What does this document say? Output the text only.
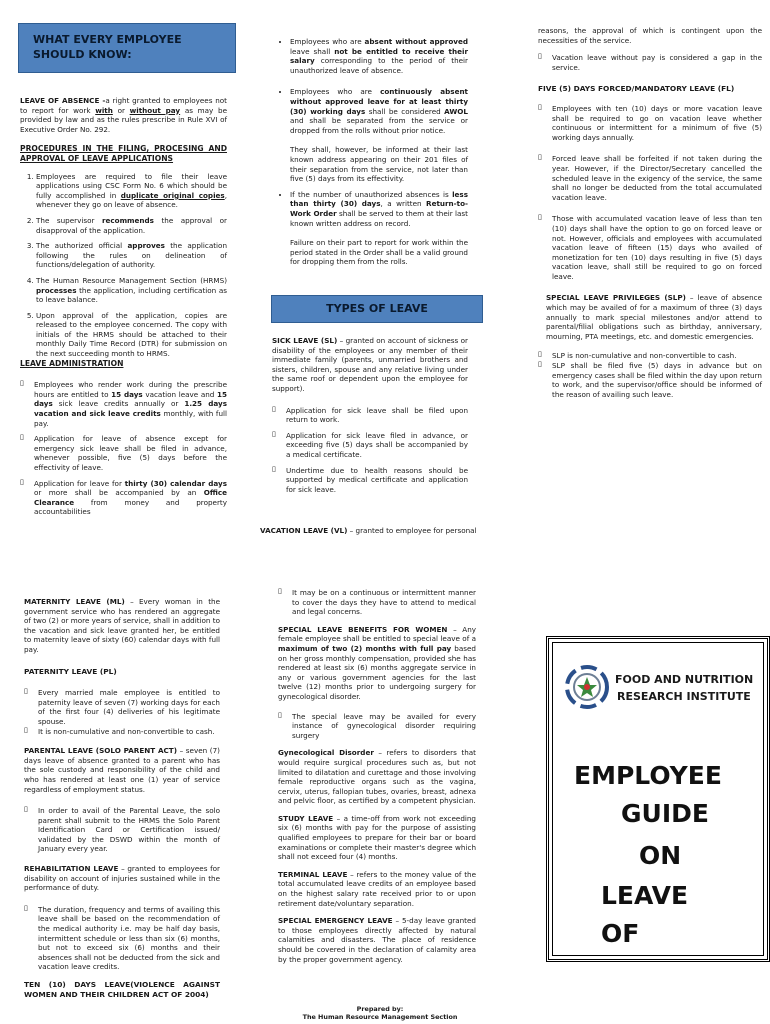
WHAT EVERY EMPLOYEE
SHOULD KNOW:

LEAVE OF ABSENCE -a right granted to employees not to report for work with or without pay as may be provided by law and as the rules prescribe in Rule XVI of Executive Order No. 292.

PROCEDURES IN THE FILING, PROCESING AND APPROVAL OF LEAVE APPLICATIONS
1. Employees are required to file their leave applications using CSC Form No. 6 which should be fully accomplished in duplicate original copies, whenever they go on leave of absence.
2. The supervisor recommends the approval or disapproval of the application.
3. The authorized official approves the application following the rules on delineation of functions/delegation of authority.
4. The Human Resource Management Section (HRMS) processes the application, including certification as to leave balance.
5. Upon approval of the application, copies are released to the employee concerned. The copy with initials of the HRMS should be attached to their monthly Daily Time Record (DTR) for submission on the next succeeding month to HRMS.
LEAVE ADMINISTRATION
▯ Employees who render work during the prescribe hours are entitled to 15 days vacation leave and 15 days sick leave credits annually or 1.25 days vacation and sick leave credits monthly, with full pay.
▯ Application for leave of absence except for emergency sick leave shall be filed in advance, whenever possible, five (5) days before the effectivity of leave.
▯ Application for leave for thirty (30) calendar days or more shall be accompanied by an Office Clearance from money and property accountabilities
• Employees who are absent without approved leave shall not be entitled to receive their salary corresponding to the period of their unauthorized leave of absence.
• Employees who are continuously absent without approved leave for at least thirty (30) working days shall be considered AWOL and shall be separated from the service or dropped from the rolls without prior notice.

They shall, however, be informed at their last known address appearing on their 201 files of their separation from the service, not later than five (5) days from its effectivity.

• If the number of unauthorized absences is less than thirty (30) days, a written Return-to-Work Order shall be served to them at their last known written address on record.

Failure on their part to report for work within the period stated in the Order shall be a valid ground for dropping them from the rolls.

TYPES OF LEAVE

SICK LEAVE (SL) – granted on account of sickness or disability of the employees or any member of their immediate family (parents, unmarried brothers and sisters, children, spouse and any relative living under the same roof or dependent upon the employee for support).

▯ Application for sick leave shall be filed upon return to work.
▯ Application for sick leave filed in advance, or exceeding five (5) days shall be accompanied by a medical certificate.
▯ Undertime due to health reasons should be supported by medical certificate and application for sick leave.
VACATION LEAVE (VL) – granted to employee for personal

reasons, the approval of which is contingent upon the necessities of the service.

▯ Vacation leave without pay is considered a gap in the service.
FIVE (5) DAYS FORCED/MANDATORY LEAVE (FL)
▯ Employees with ten (10) days or more vacation leave shall be required to go on vacation leave whether continuous or intermittent for a minimum of five (5) working days annually.
▯ Forced leave shall be forfeited if not taken during the year. However, if the Director/Secretary cancelled the scheduled leave in the exigency of the service, the same shall no longer be deducted from the total accumulated vacation leave.
▯ Those with accumulated vacation leave of less than ten (10) days shall have the option to go on forced leave or not. However, officials and employees with accumulated vacation leave of fifteen (15) days who availed of monetization for ten (10) days resulting in five (5) days vacation leave, shall still be required to go on forced leave.

SPECIAL LEAVE PRIVILEGES (SLP) – leave of absence which may be availed of for a maximum of three (3) days annually to mark special milestones and/or attend to parental/filial obligations such as birthday, anniversary, mourning, PTA meetings, etc. and domestic emergencies.

▯ SLP is non-cumulative and non-convertible to cash.
▯ SLP shall be filed five (5) days in advance but on emergency cases shall be filed within the day upon return to work, and the supervisor/office should be informed of the reason of availing such leave.

MATERNITY LEAVE (ML) – Every woman in the government service who has rendered an aggregate of two (2) or more years of service, shall in addition to the vacation and sick leave granted her, be entitled to maternity leave of sixty (60) calendar days with full pay.

PATERNITY LEAVE (PL)
▯ Every married male employee is entitled to paternity leave of seven (7) working days for each of the first four (4) deliveries of his legitimate spouse.
▯ It is non-cumulative and non-convertible to cash.

PARENTAL LEAVE (SOLO PARENT ACT) – seven (7) days leave of absence granted to a parent who has the sole custody and responsibility of the child and who has rendered at least one (1) year of service regardless of employment status.

▯ In order to avail of the Parental Leave, the solo parent shall submit to the HRMS the Solo Parent Identification Card or Certification issued/ validated by the DSWD within the month of January every year.

REHABILITATION LEAVE – granted to employees for disability on account of injuries sustained while in the performance of duty.

▯ The duration, frequency and terms of availing this leave shall be based on the recommendation of the medical authority i.e. may be half day basis, intermittent schedule or less than six (6) months, but not to exceed six (6) months and their absences shall not be deducted from the sick and vacation leave credits.
TEN (10) DAYS LEAVE(VIOLENCE AGAINST WOMEN AND THEIR CHILDREN ACT OF 2004)
▯ It may be on a continuous or intermittent manner to cover the days they have to attend to medical and legal concerns.

SPECIAL LEAVE BENEFITS FOR WOMEN – Any female employee shall be entitled to special leave of a maximum of two (2) months with full pay based on her gross monthly compensation, provided she has rendered at least six (6) months aggregate service in any or various government agencies for the last twelve (12) months prior to undergoing surgery for gynecological disorder.

▯ The special leave may be availed for every instance of gynecological disorder requiring surgery

Gynecological Disorder – refers to disorders that would require surgical procedures such as, but not limited to dilatation and curettage and those involving female reproductive organs such as the vagina, cervix, uterus, fallopian tubes, ovaries, breast, adnexa and pelvic floor, as certified by a competent physician.

STUDY LEAVE – a time-off from work not exceeding six (6) months with pay for the purpose of assisting qualified employees to prepare for their bar or board examinations or complete their master's degree which shall not exceed four (4) months.

TERMINAL LEAVE – refers to the money value of the total accumulated leave credits of an employee based on the highest salary rate received prior to or upon retirement date/voluntary separation.

SPECIAL EMERGENCY LEAVE – 5-day leave granted to those employees directly affected by natural calamities and disasters. The place of residence should be covered in the declaration of calamity area by the proper government agency.

Prepared by:
The Human Resource Management Section
FOOD AND NUTRITION
RESEARCH INSTITUTE
EMPLOYEE
GUIDE
ON
LEAVE
OF
